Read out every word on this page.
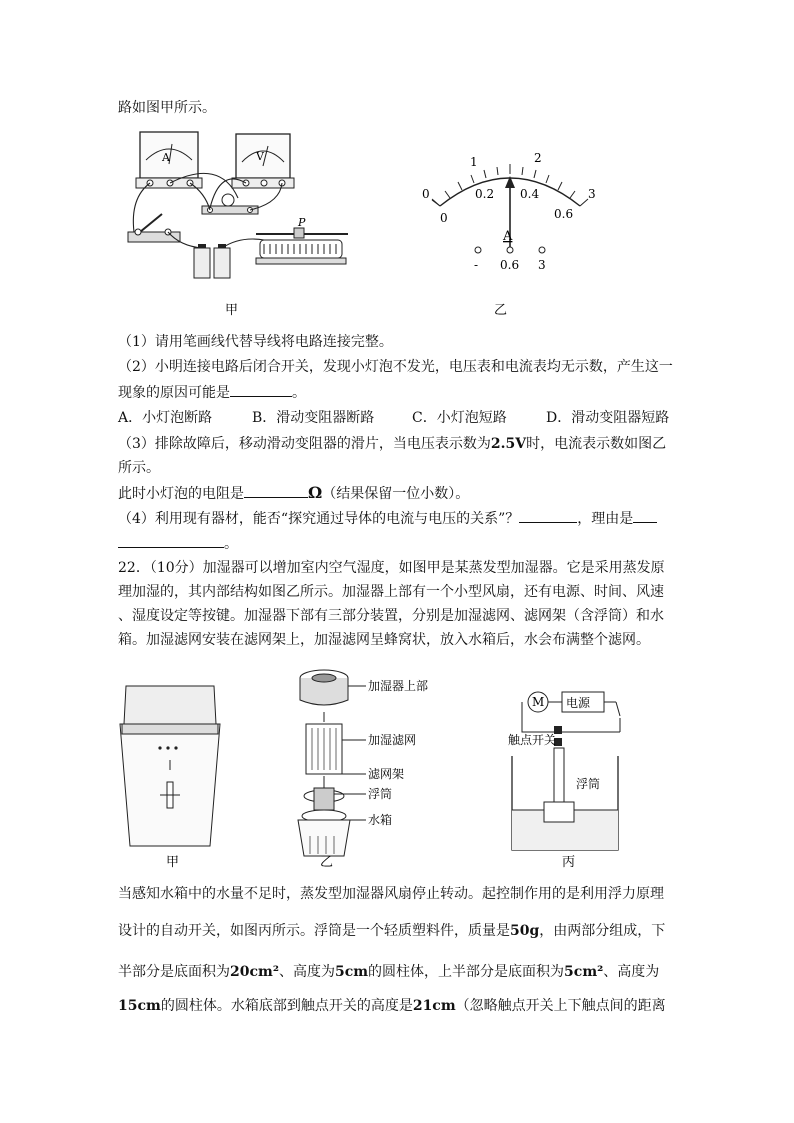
路如图甲所示。
A	V
P
甲
0
1	2
3
0
0.2 0.4
0.6
A
- 0.6 3
乙
（1）请用笔画线代替导线将电路连接完整。
（2）小明连接电路后闭合开关，发现小灯泡不发光，电压表和电流表均无示数，产生这一
现象的原因可能是	。
A．小灯泡断路	B．滑动变阻器断路	C．小灯泡短路	D．滑动变阻器短路
（3）排除故障后，移动滑动变阻器的滑片，当电压表示数为2.5V时，电流表示数如图乙
所示。
此时小灯泡的电阻是	Ω（结果保留一位小数）。
（4）利用现有器材，能否“探究通过导体的电流与电压的关系”？	，理由是
。
22．（10分）加湿器可以增加室内空气湿度，如图甲是某蒸发型加湿器。它是采用蒸发原
理加湿的，其内部结构如图乙所示。加湿器上部有一个小型风扇，还有电源、时间、风速
、湿度设定等按键。加湿器下部有三部分装置，分别是加湿滤网、滤网架（含浮筒）和水
箱。加湿滤网安装在滤网架上，加湿滤网呈蜂窝状，放入水箱后，水会布满整个滤网。
甲
加湿器上部
加湿滤网
滤网架
浮筒
水箱
乙
M 电源
触点开关
浮筒
丙
当感知水箱中的水量不足时，蒸发型加湿器风扇停止转动。起控制作用的是利用浮力原理
设计的自动开关，如图丙所示。浮筒是一个轻质塑料件，质量是50g，由两部分组成，下
半部分是底面积为20cm²、高度为5cm的圆柱体，上半部分是底面积为5cm²、高度为
15cm的圆柱体。水箱底部到触点开关的高度是21cm（忽略触点开关上下触点间的距离
